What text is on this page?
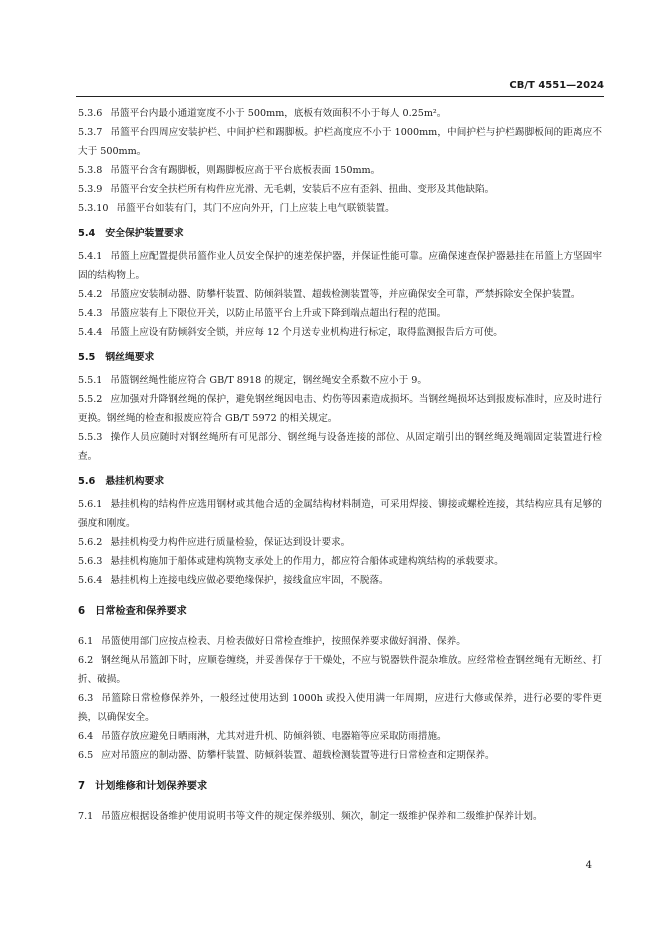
CB/T 4551—2024
5.3.6 吊篮平台内最小通道宽度不小于 500mm，底板有效面积不小于每人 0.25m²。
5.3.7 吊篮平台四周应安装护栏、中间护栏和踢脚板。护栏高度应不小于 1000mm，中间护栏与护栏踢脚板间的距离应不大于 500mm。
5.3.8 吊篮平台含有踢脚板，则踢脚板应高于平台底板表面 150mm。
5.3.9 吊篮平台安全扶栏所有构件应光滑、无毛刺，安装后不应有歪斜、扭曲、变形及其他缺陷。
5.3.10 吊篮平台如装有门，其门不应向外开，门上应装上电气联锁装置。
5.4 安全保护装置要求
5.4.1 吊篮上应配置提供吊篮作业人员安全保护的速差保护器，并保证性能可靠。应确保速查保护器悬挂在吊篮上方坚固牢固的结构物上。
5.4.2 吊篮应安装制动器、防攀杆装置、防倾斜装置、超载检测装置等，并应确保安全可靠，严禁拆除安全保护装置。
5.4.3 吊篮应装有上下限位开关，以防止吊篮平台上升或下降到端点超出行程的范围。
5.4.4 吊篮上应设有防倾斜安全锁，并应每 12 个月送专业机构进行标定，取得监测报告后方可使。
5.5 钢丝绳要求
5.5.1 吊篮钢丝绳性能应符合 GB/T 8918 的规定，钢丝绳安全系数不应小于 9。
5.5.2 应加强对升降钢丝绳的保护，避免钢丝绳因电击、灼伤等因素造成损坏。当钢丝绳损坏达到报废标准时，应及时进行更换。钢丝绳的检查和报废应符合 GB/T 5972 的相关规定。
5.5.3 操作人员应随时对钢丝绳所有可见部分、钢丝绳与设备连接的部位、从固定端引出的钢丝绳及绳端固定装置进行检查。
5.6 悬挂机构要求
5.6.1 悬挂机构的结构件应选用钢材或其他合适的金属结构材料制造，可采用焊接、铆接或螺栓连接，其结构应具有足够的强度和刚度。
5.6.2 悬挂机构受力构件应进行质量检验，保证达到设计要求。
5.6.3 悬挂机构施加于船体或建构筑物支承处上的作用力，都应符合船体或建构筑结构的承载要求。
5.6.4 悬挂机构上连接电线应做必要绝缘保护，接线盒应牢固，不脱落。
6 日常检查和保养要求
6.1 吊篮使用部门应按点检表、月检表做好日常检查维护，按照保养要求做好润滑、保养。
6.2 钢丝绳从吊篮卸下时，应顺卷缠绕，并妥善保存于干燥处，不应与锐器铁件混杂堆放。应经常检查钢丝绳有无断丝、打折、破损。
6.3 吊篮除日常检修保养外，一般经过使用达到 1000h 或投入使用满一年周期，应进行大修或保养，进行必要的零件更换，以确保安全。
6.4 吊篮存放应避免日晒雨淋，尤其对进升机、防倾斜锁、电器箱等应采取防雨措施。
6.5 应对吊篮应的制动器、防攀杆装置、防倾斜装置、超载检测装置等进行日常检查和定期保养。
7 计划维修和计划保养要求
7.1 吊篮应根据设备维护使用说明书等文件的规定保养级别、频次，制定一级维护保养和二级维护保养计划。
4
